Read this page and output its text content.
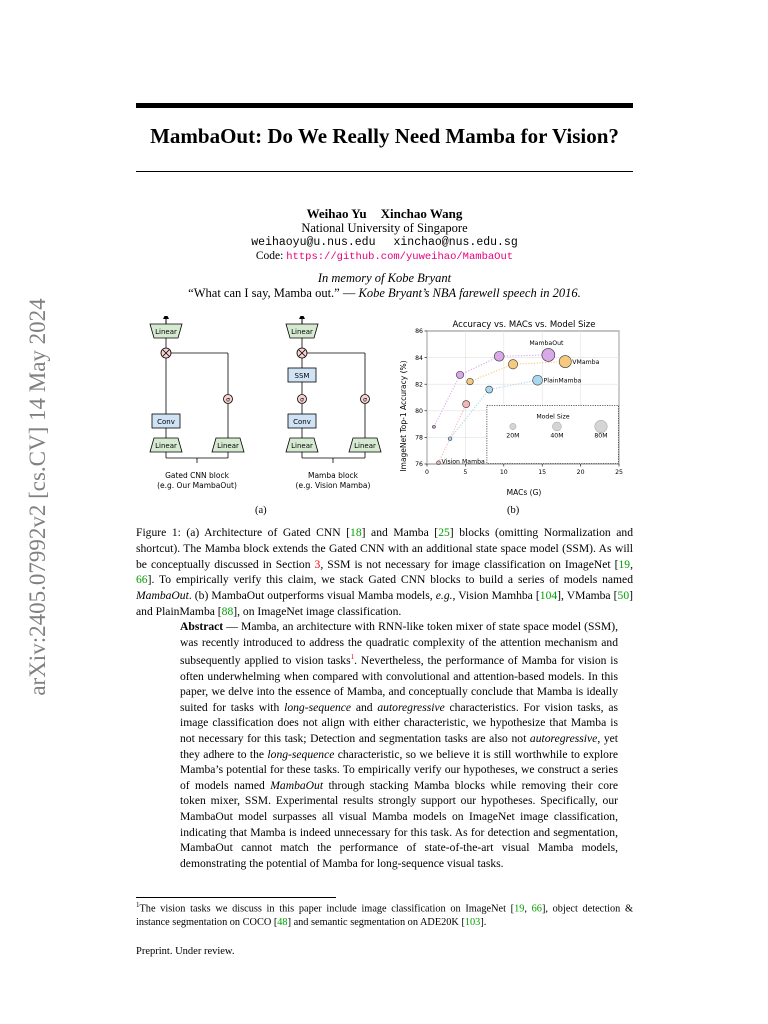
arXiv:2405.07992v2 [cs.CV] 14 May 2024
MambaOut: Do We Really Need Mamba for Vision?
Weihao Yu Xinchao Wang
National University of Singapore
weihaoyu@u.nus.edu xinchao@nus.edu.sg
Code: https://github.com/yuweihao/MambaOut
In memory of Kobe Bryant
“What can I say, Mamba out.” — Kobe Bryant’s NBA farewell speech in 2016.
Linear
Conv
Linear
σ
Linear
Gated CNN block
(e.g. Our MambaOut)
Linear
SSM
σ
Conv
Linear
σ
Linear
Mamba block
(e.g. Vision Mamba)
(a)
Accuracy vs. MACs vs. Model Size
ImageNet Top-1 Accuracy (%)
MACs (G)
0	5	10	15	20	25
76
78
80
82
84
86
MambaOut
VMamba
PlainMamba
Vision Mamba
Model Size
20M	40M	80M
(b)
Figure 1: (a) Architecture of Gated CNN [18] and Mamba [25] blocks (omitting Normalization and shortcut). The Mamba block extends the Gated CNN with an additional state space model (SSM). As will be conceptually discussed in Section 3, SSM is not necessary for image classification on ImageNet [19, 66]. To empirically verify this claim, we stack Gated CNN blocks to build a series of models named MambaOut. (b) MambaOut outperforms visual Mamba models, e.g., Vision Mamhba [104], VMamba [50] and PlainMamba [88], on ImageNet image classification.
Abstract — Mamba, an architecture with RNN-like token mixer of state space model (SSM), was recently introduced to address the quadratic complexity of the attention mechanism and subsequently applied to vision tasks$^1$. Nevertheless, the performance of Mamba for vision is often underwhelming when compared with convolutional and attention-based models. In this paper, we delve into the essence of Mamba, and conceptually conclude that Mamba is ideally suited for tasks with long-sequence and autoregressive characteristics. For vision tasks, as image classification does not align with either characteristic, we hypothesize that Mamba is not necessary for this task; Detection and segmentation tasks are also not autoregressive, yet they adhere to the long-sequence characteristic, so we believe it is still worthwhile to explore Mamba’s potential for these tasks. To empirically verify our hypotheses, we construct a series of models named MambaOut through stacking Mamba blocks while removing their core token mixer, SSM. Experimental results strongly support our hypotheses. Specifically, our MambaOut model surpasses all visual Mamba models on ImageNet image classification, indicating that Mamba is indeed unnecessary for this task. As for detection and segmentation, MambaOut cannot match the performance of state-of-the-art visual Mamba models, demonstrating the potential of Mamba for long-sequence visual tasks.
$^1$The vision tasks we discuss in this paper include image classification on ImageNet [19, 66], object detection & instance segmentation on COCO [48] and semantic segmentation on ADE20K [103].
Preprint. Under review.
